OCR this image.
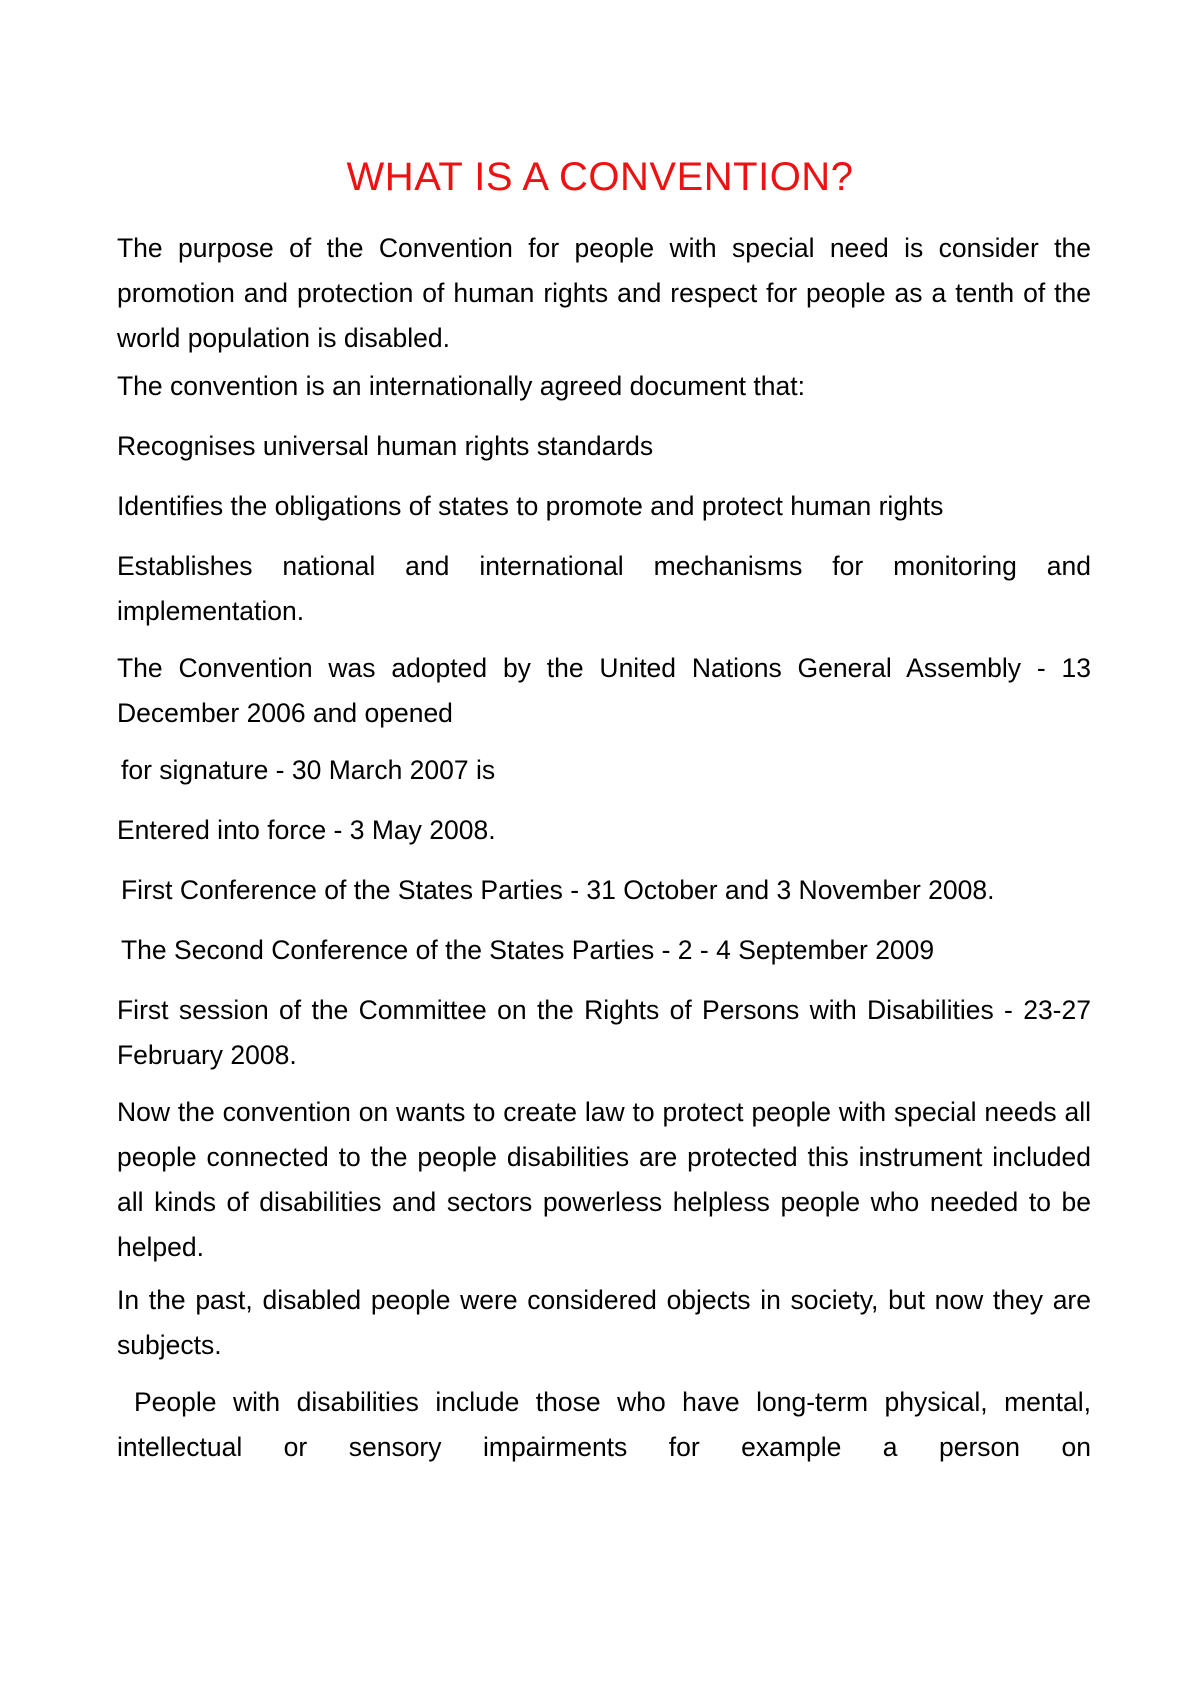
WHAT IS A CONVENTION?

The purpose of the Convention for people with special need is consider the promotion and protection of human rights and respect for people as a tenth of the world population is disabled.

The convention is an internationally agreed document that:

Recognises universal human rights standards

Identifies the obligations of states to promote and protect human rights

Establishes national and international mechanisms for monitoring and implementation.

The Convention was adopted by the United Nations General Assembly - 13 December 2006 and opened

for signature - 30 March 2007 is

Entered into force - 3 May 2008.

First Conference of the States Parties - 31 October and 3 November 2008.

The Second Conference of the States Parties - 2 - 4 September 2009

First session of the Committee on the Rights of Persons with Disabilities - 23-27 February 2008.

Now the convention on wants to create law to protect people with special needs all people connected to the people disabilities are protected this instrument included all kinds of disabilities and sectors powerless helpless people who needed to be helped.

In the past, disabled people were considered objects in society, but now they are subjects.

People with disabilities include those who have long-term physical, mental, intellectual or sensory impairments for example a person on
